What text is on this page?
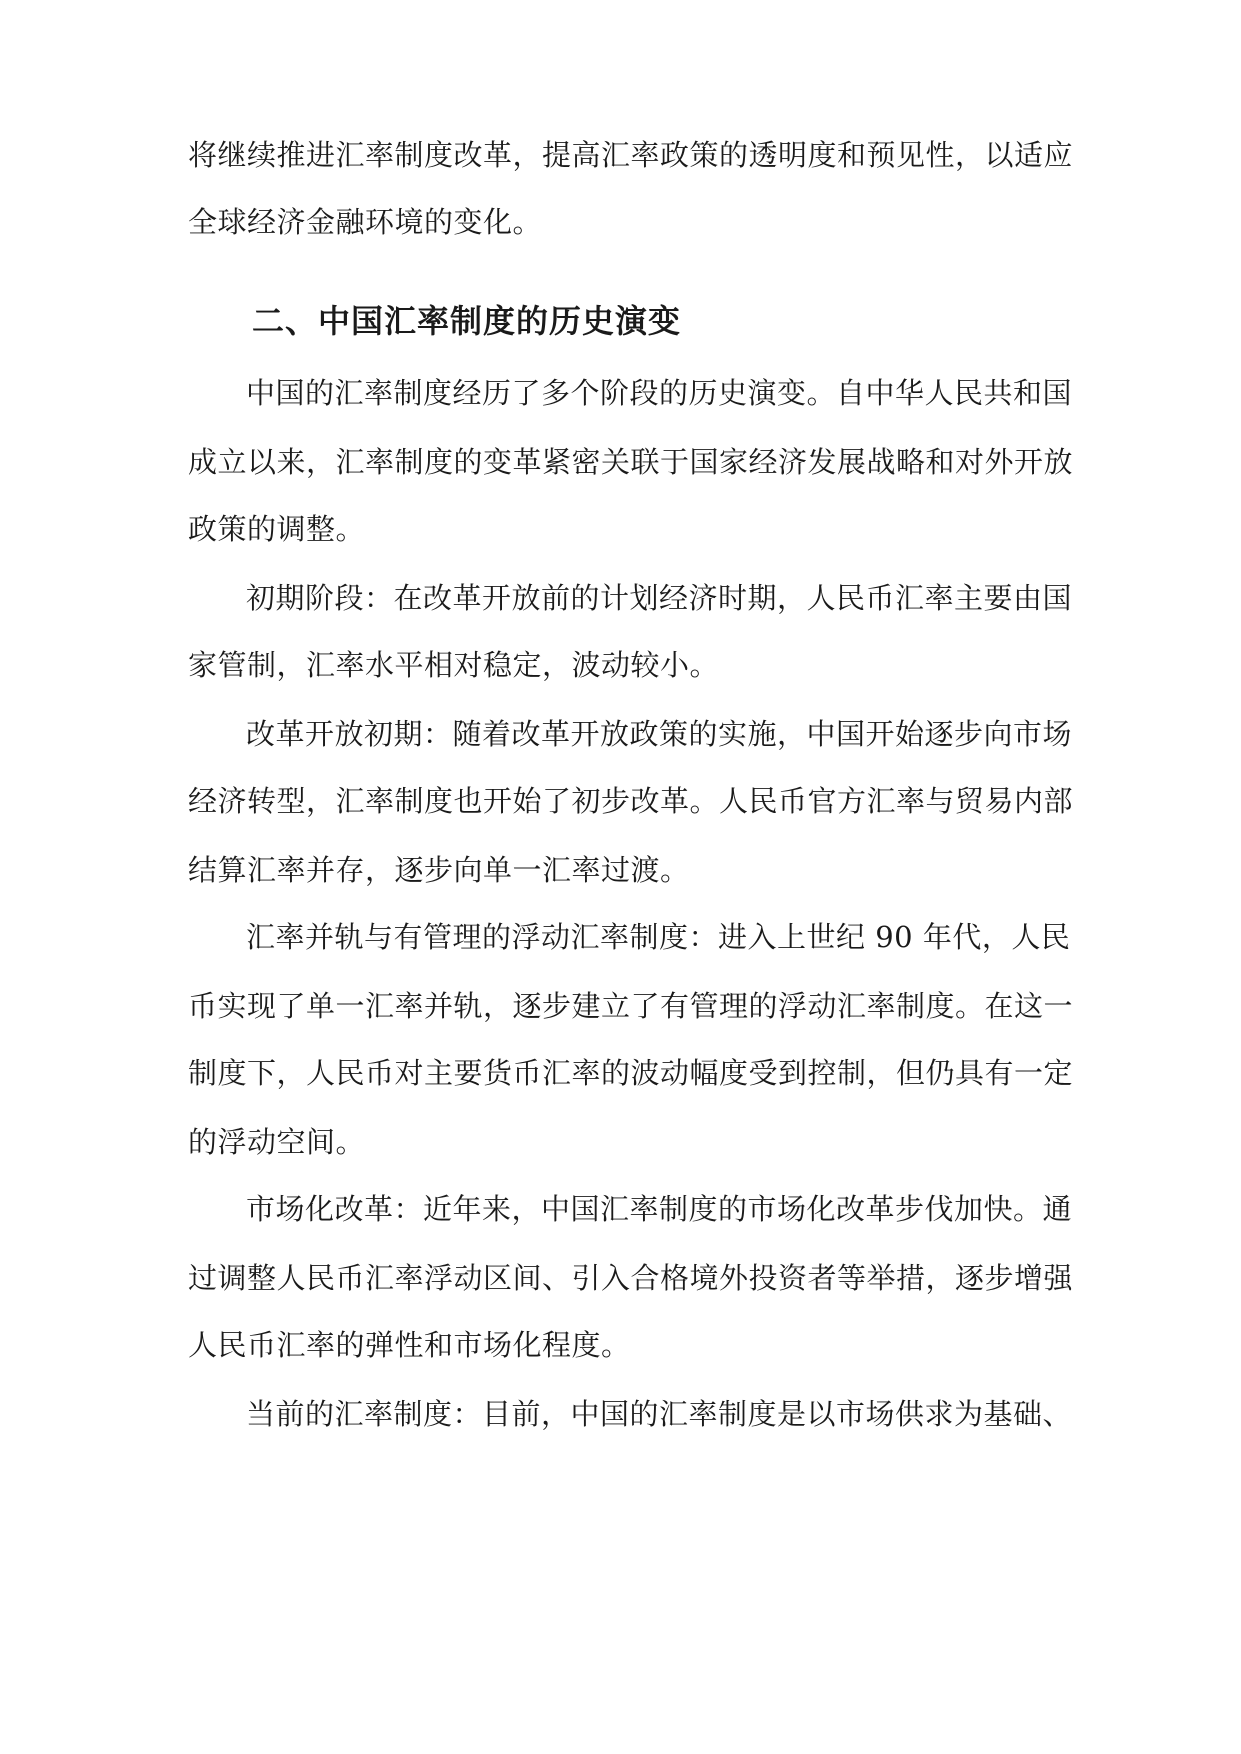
将继续推进汇率制度改革，提高汇率政策的透明度和预见性，以适应
全球经济金融环境的变化。
二、中国汇率制度的历史演变
中国的汇率制度经历了多个阶段的历史演变。自中华人民共和国
成立以来，汇率制度的变革紧密关联于国家经济发展战略和对外开放
政策的调整。
初期阶段：在改革开放前的计划经济时期，人民币汇率主要由国
家管制，汇率水平相对稳定，波动较小。
改革开放初期：随着改革开放政策的实施，中国开始逐步向市场
经济转型，汇率制度也开始了初步改革。人民币官方汇率与贸易内部
结算汇率并存，逐步向单一汇率过渡。
汇率并轨与有管理的浮动汇率制度：进入上世纪 90 年代，人民
币实现了单一汇率并轨，逐步建立了有管理的浮动汇率制度。在这一
制度下，人民币对主要货币汇率的波动幅度受到控制，但仍具有一定
的浮动空间。
市场化改革：近年来，中国汇率制度的市场化改革步伐加快。通
过调整人民币汇率浮动区间、引入合格境外投资者等举措，逐步增强
人民币汇率的弹性和市场化程度。
当前的汇率制度：目前，中国的汇率制度是以市场供求为基础、
